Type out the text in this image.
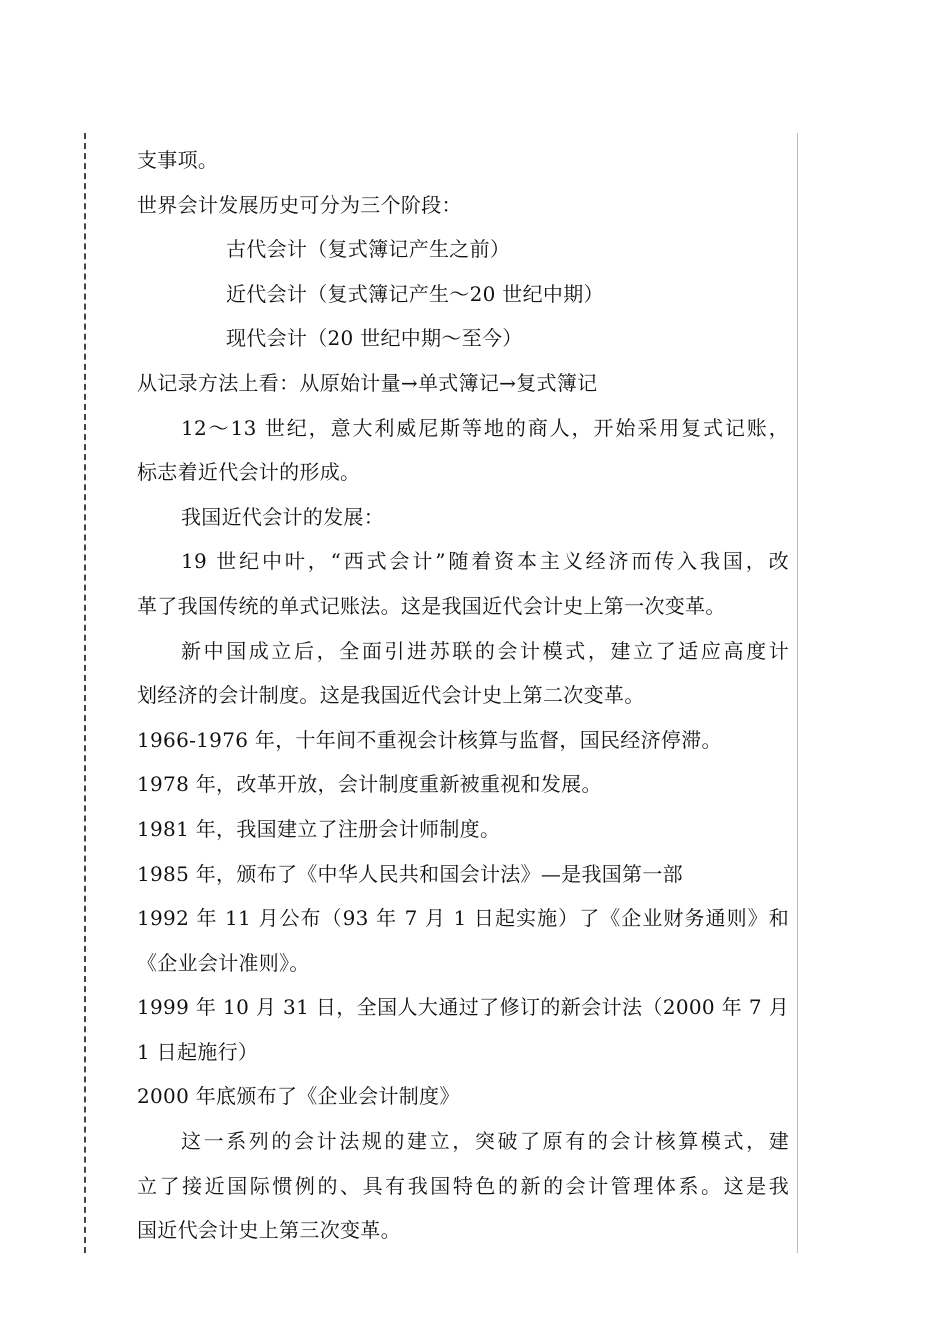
支事项。
世界会计发展历史可分为三个阶段：
古代会计（复式簿记产生之前）
近代会计（复式簿记产生～20 世纪中期）
现代会计（20 世纪中期～至今）
从记录方法上看：从原始计量→单式簿记→复式簿记
12～13 世纪，意大利威尼斯等地的商人，开始采用复式记账，
标志着近代会计的形成。
我国近代会计的发展：
19 世纪中叶，“西式会计”随着资本主义经济而传入我国，改
革了我国传统的单式记账法。这是我国近代会计史上第一次变革。
新中国成立后，全面引进苏联的会计模式，建立了适应高度计
划经济的会计制度。这是我国近代会计史上第二次变革。
1966-1976 年，十年间不重视会计核算与监督，国民经济停滞。
1978 年，改革开放，会计制度重新被重视和发展。
1981 年，我国建立了注册会计师制度。
1985 年，颁布了《中华人民共和国会计法》—是我国第一部
1992 年 11 月公布（93 年 7 月 1 日起实施）了《企业财务通则》和
《企业会计准则》。
1999 年 10 月 31 日，全国人大通过了修订的新会计法（2000 年 7 月
1 日起施行）
2000 年底颁布了《企业会计制度》
这一系列的会计法规的建立，突破了原有的会计核算模式，建
立了接近国际惯例的、具有我国特色的新的会计管理体系。这是我
国近代会计史上第三次变革。
